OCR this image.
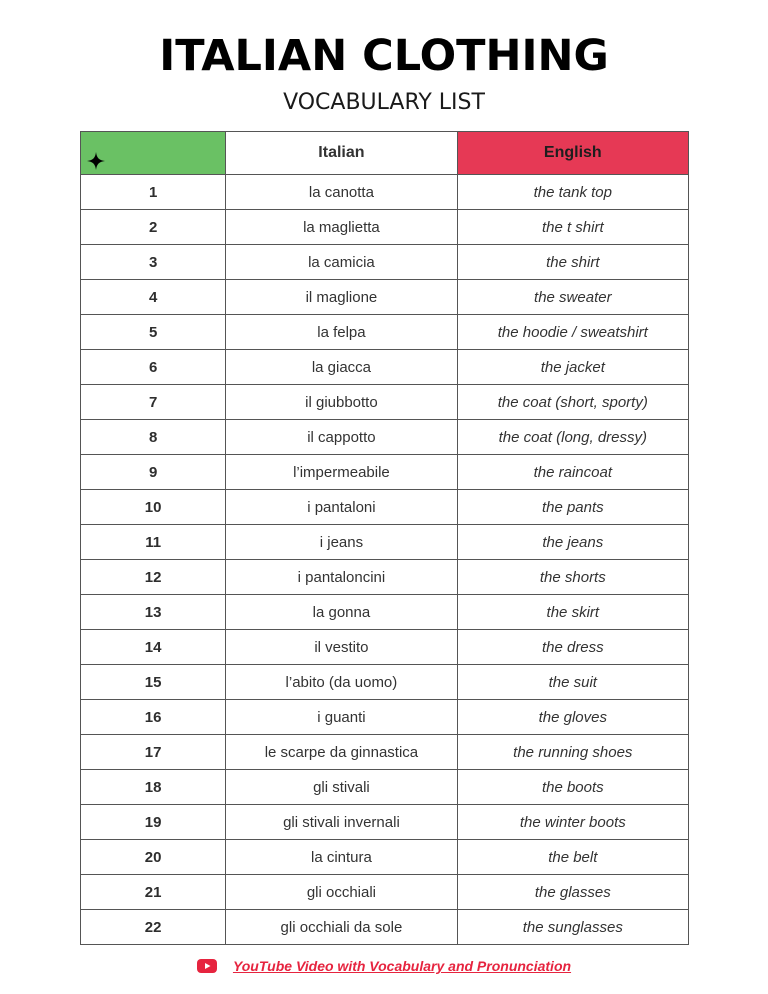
ITALIAN CLOTHING
VOCABULARY LIST
	Italian	English
1	la canotta	the tank top
2	la maglietta	the t shirt
3	la camicia	the shirt
4	il maglione	the sweater
5	la felpa	the hoodie / sweatshirt
6	la giacca	the jacket
7	il giubbotto	the coat (short, sporty)
8	il cappotto	the coat (long, dressy)
9	l’impermeabile	the raincoat
10	i pantaloni	the pants
11	i jeans	the jeans
12	i pantaloncini	the shorts
13	la gonna	the skirt
14	il vestito	the dress
15	l’abito (da uomo)	the suit
16	i guanti	the gloves
17	le scarpe da ginnastica	the running shoes
18	gli stivali	the boots
19	gli stivali invernali	the winter boots
20	la cintura	the belt
21	gli occhiali	the glasses
22	gli occhiali da sole	the sunglasses
YouTube Video with Vocabulary and Pronunciation
